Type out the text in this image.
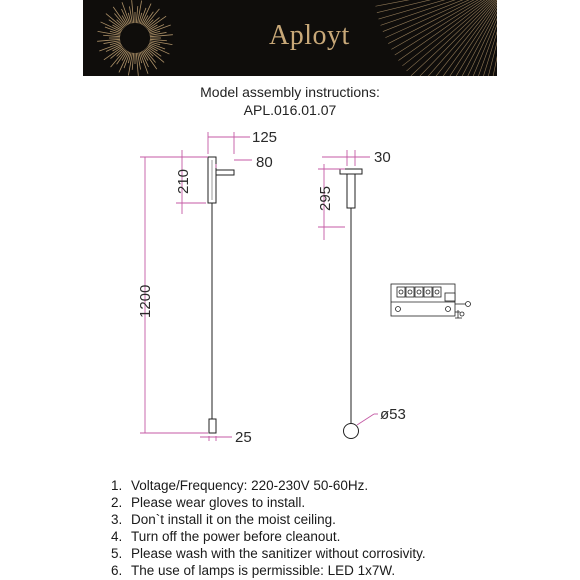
Aployt
Model assembly instructions:
APL.016.01.07
125
80
210
1200
25
30
295
ø53
1. Voltage/Frequency: 220-230V 50-60Hz.
2. Please wear gloves to install.
3. Don`t install it on the moist ceiling.
4. Turn off the power before cleanout.
5. Please wash with the sanitizer without corrosivity.
6. The use of lamps is permissible: LED 1x7W.
